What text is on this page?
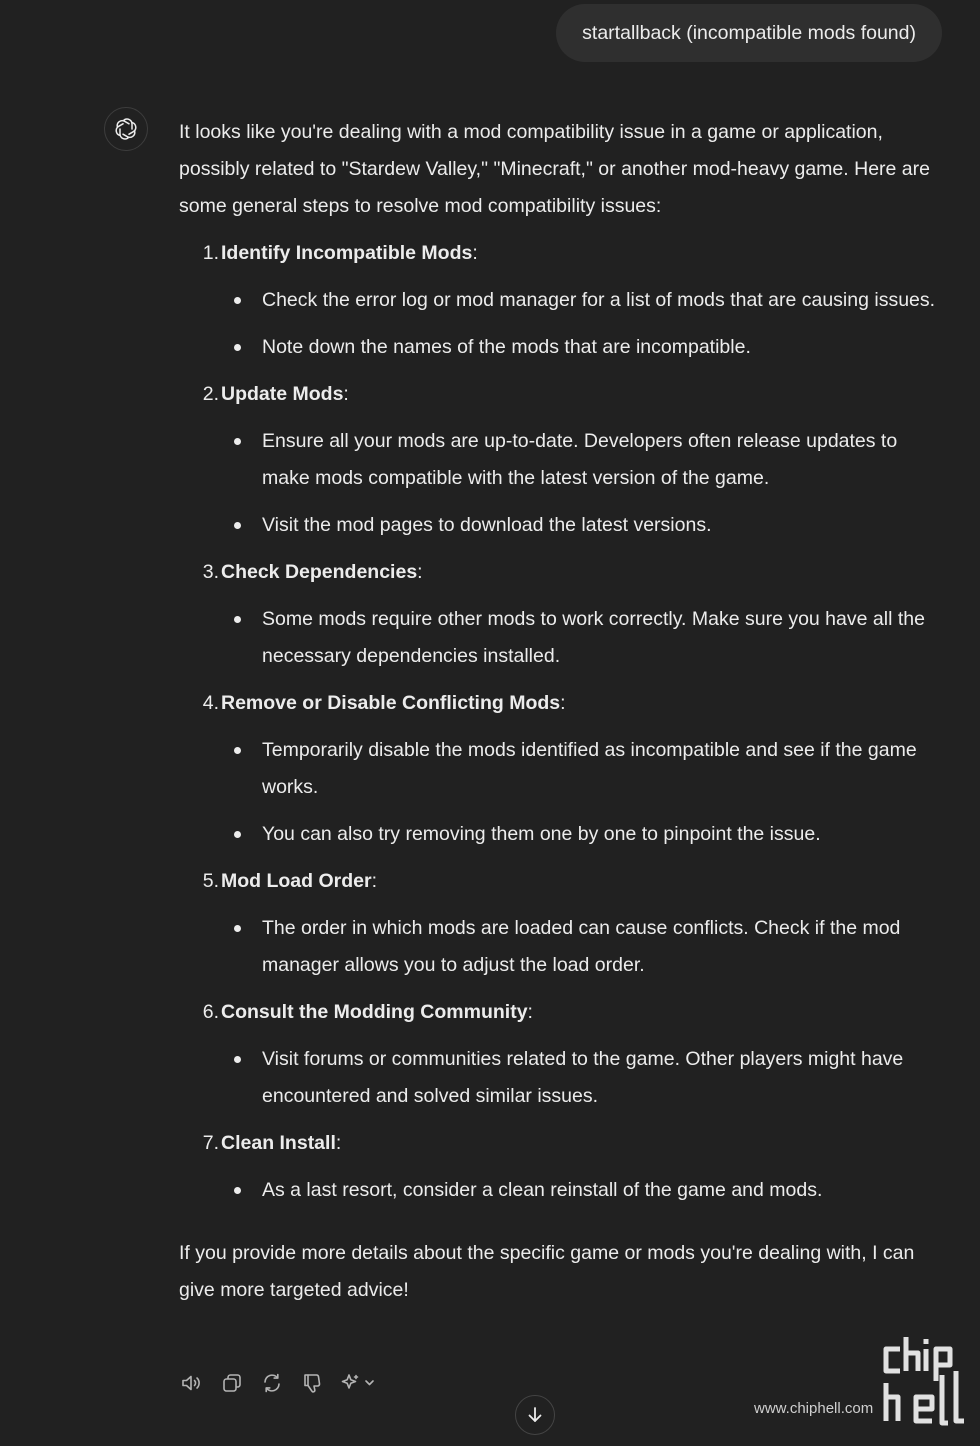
startallback (incompatible mods found)

It looks like you're dealing with a mod compatibility issue in a game or application, possibly related to "Stardew Valley," "Minecraft," or another mod-heavy game. Here are some general steps to resolve mod compatibility issues:

1. Identify Incompatible Mods:
Check the error log or mod manager for a list of mods that are causing issues.
Note down the names of the mods that are incompatible.
2. Update Mods:
Ensure all your mods are up-to-date. Developers often release updates to make mods compatible with the latest version of the game.
Visit the mod pages to download the latest versions.
3. Check Dependencies:
Some mods require other mods to work correctly. Make sure you have all the necessary dependencies installed.
4. Remove or Disable Conflicting Mods:
Temporarily disable the mods identified as incompatible and see if the game works.
You can also try removing them one by one to pinpoint the issue.
5. Mod Load Order:
The order in which mods are loaded can cause conflicts. Check if the mod manager allows you to adjust the load order.
6. Consult the Modding Community:
Visit forums or communities related to the game. Other players might have encountered and solved similar issues.
7. Clean Install:
As a last resort, consider a clean reinstall of the game and mods.

If you provide more details about the specific game or mods you're dealing with, I can give more targeted advice!

www.chiphell.com
